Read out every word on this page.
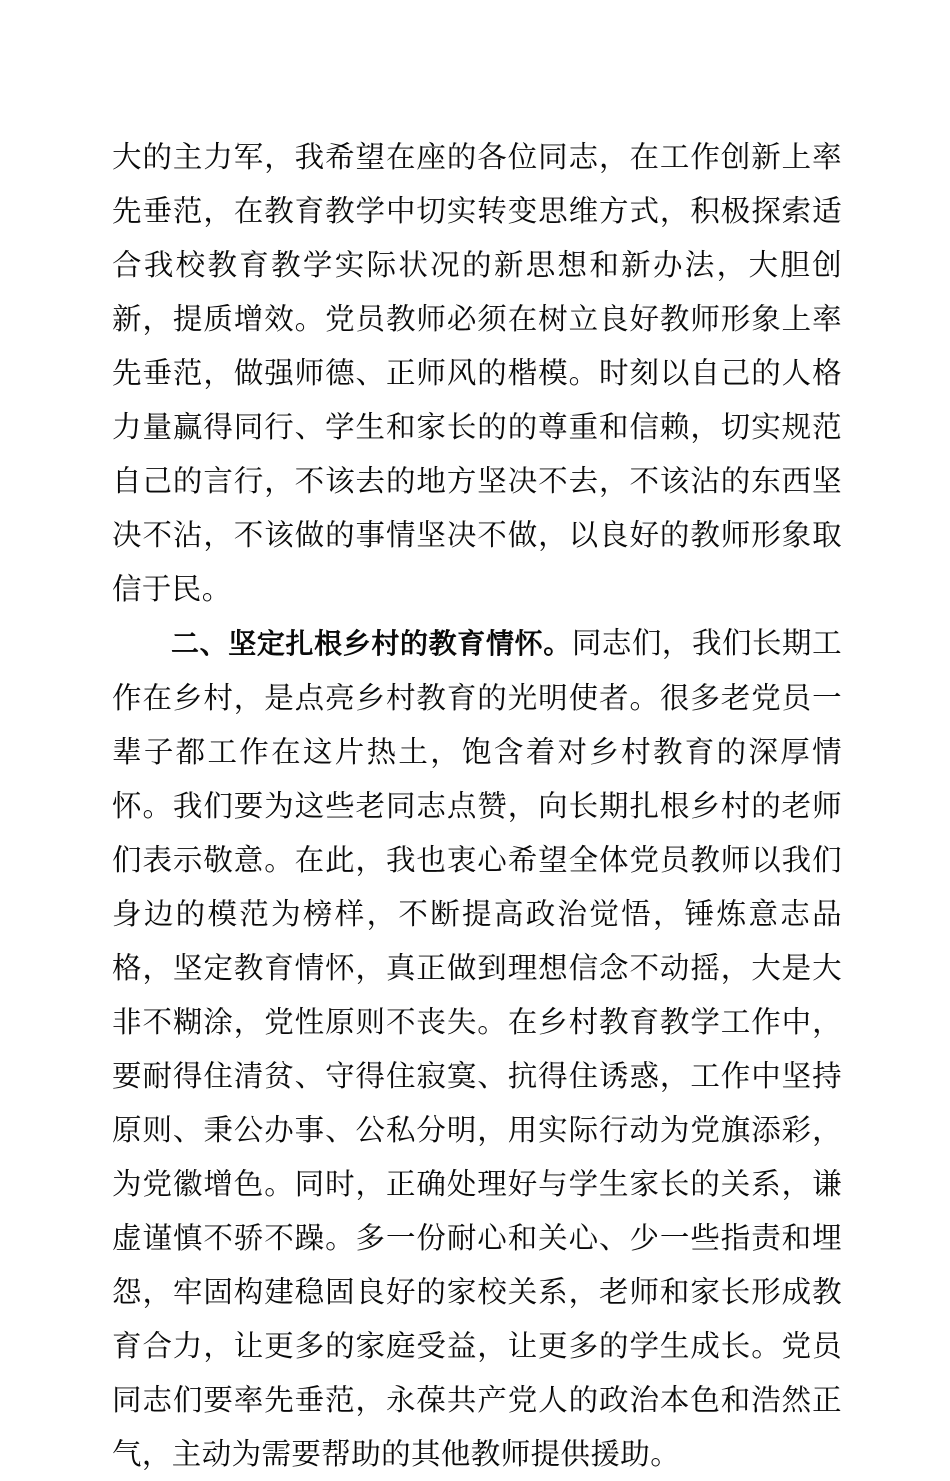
大的主力军，我希望在座的各位同志，在工作创新上率先垂范，在教育教学中切实转变思维方式，积极探索适合我校教育教学实际状况的新思想和新办法，大胆创新，提质增效。党员教师必须在树立良好教师形象上率先垂范，做强师德、正师风的楷模。时刻以自己的人格力量赢得同行、学生和家长的的尊重和信赖，切实规范自己的言行，不该去的地方坚决不去，不该沾的东西坚决不沾，不该做的事情坚决不做，以良好的教师形象取信于民。

二、坚定扎根乡村的教育情怀。同志们，我们长期工作在乡村，是点亮乡村教育的光明使者。很多老党员一辈子都工作在这片热土，饱含着对乡村教育的深厚情怀。我们要为这些老同志点赞，向长期扎根乡村的老师们表示敬意。在此，我也衷心希望全体党员教师以我们身边的模范为榜样，不断提高政治觉悟，锤炼意志品格，坚定教育情怀，真正做到理想信念不动摇，大是大非不糊涂，党性原则不丧失。在乡村教育教学工作中，要耐得住清贫、守得住寂寞、抗得住诱惑，工作中坚持原则、秉公办事、公私分明，用实际行动为党旗添彩，为党徽增色。同时，正确处理好与学生家长的关系，谦虚谨慎不骄不躁。多一份耐心和关心、少一些指责和埋怨，牢固构建稳固良好的家校关系，老师和家长形成教育合力，让更多的家庭受益，让更多的学生成长。党员同志们要率先垂范，永葆共产党人的政治本色和浩然正气，主动为需要帮助的其他教师提供援助。
